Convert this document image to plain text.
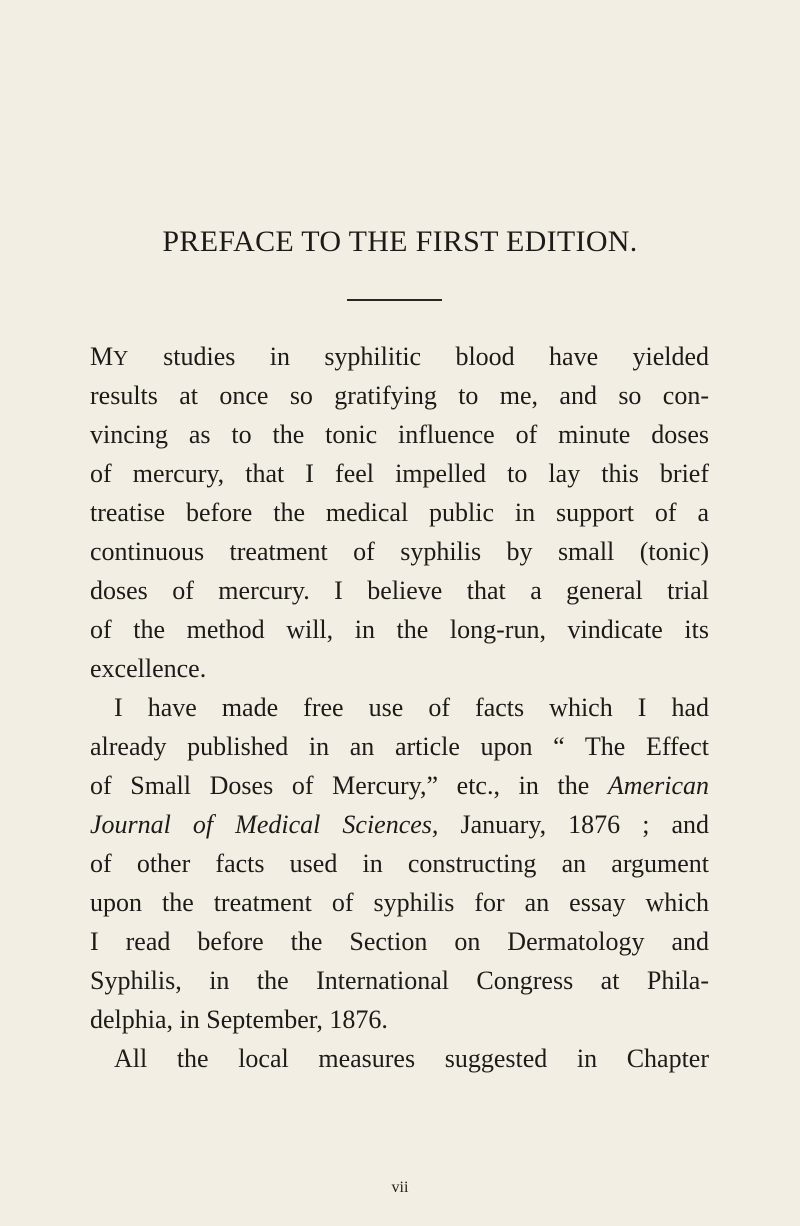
PREFACE TO THE FIRST EDITION.
MY studies in syphilitic blood have yielded
results at once so gratifying to me, and so con-
vincing as to the tonic influence of minute doses
of mercury, that I feel impelled to lay this brief
treatise before the medical public in support of a
continuous treatment of syphilis by small (tonic)
doses of mercury. I believe that a general trial
of the method will, in the long-run, vindicate its
excellence.
I have made free use of facts which I had
already published in an article upon “ The Effect
of Small Doses of Mercury,” etc., in the American
Journal of Medical Sciences, January, 1876 ; and
of other facts used in constructing an argument
upon the treatment of syphilis for an essay which
I read before the Section on Dermatology and
Syphilis, in the International Congress at Phila-
delphia, in September, 1876.
All the local measures suggested in Chapter
vii
